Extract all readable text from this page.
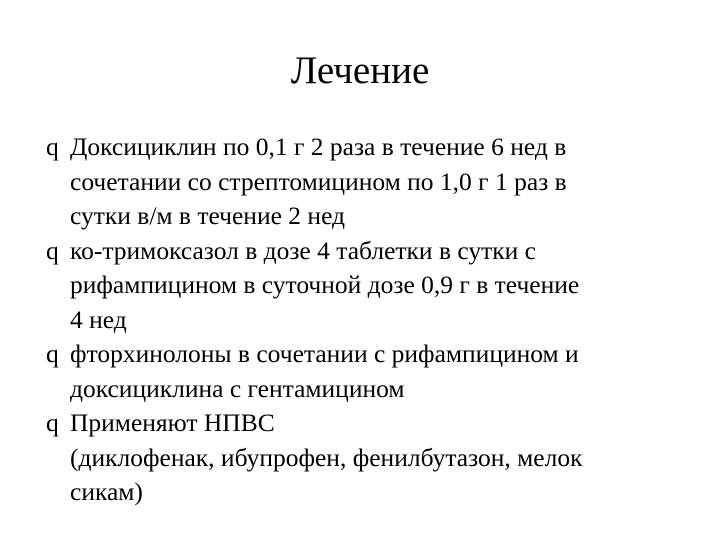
Лечение
q Доксициклин по 0,1 г 2 раза в течение 6 нед в
сочетании со стрептомицином по 1,0 г 1 раз в
сутки в/м в течение 2 нед
q ко-тримоксазол в дозе 4 таблетки в сутки с
рифампицином в суточной дозе 0,9 г в течение
4 нед
q фторхинолоны в сочетании с рифампицином и
доксициклина с гентамицином
q Применяют НПВС
(диклофенак, ибупрофен, фенилбутазон, мелок
сикам)
